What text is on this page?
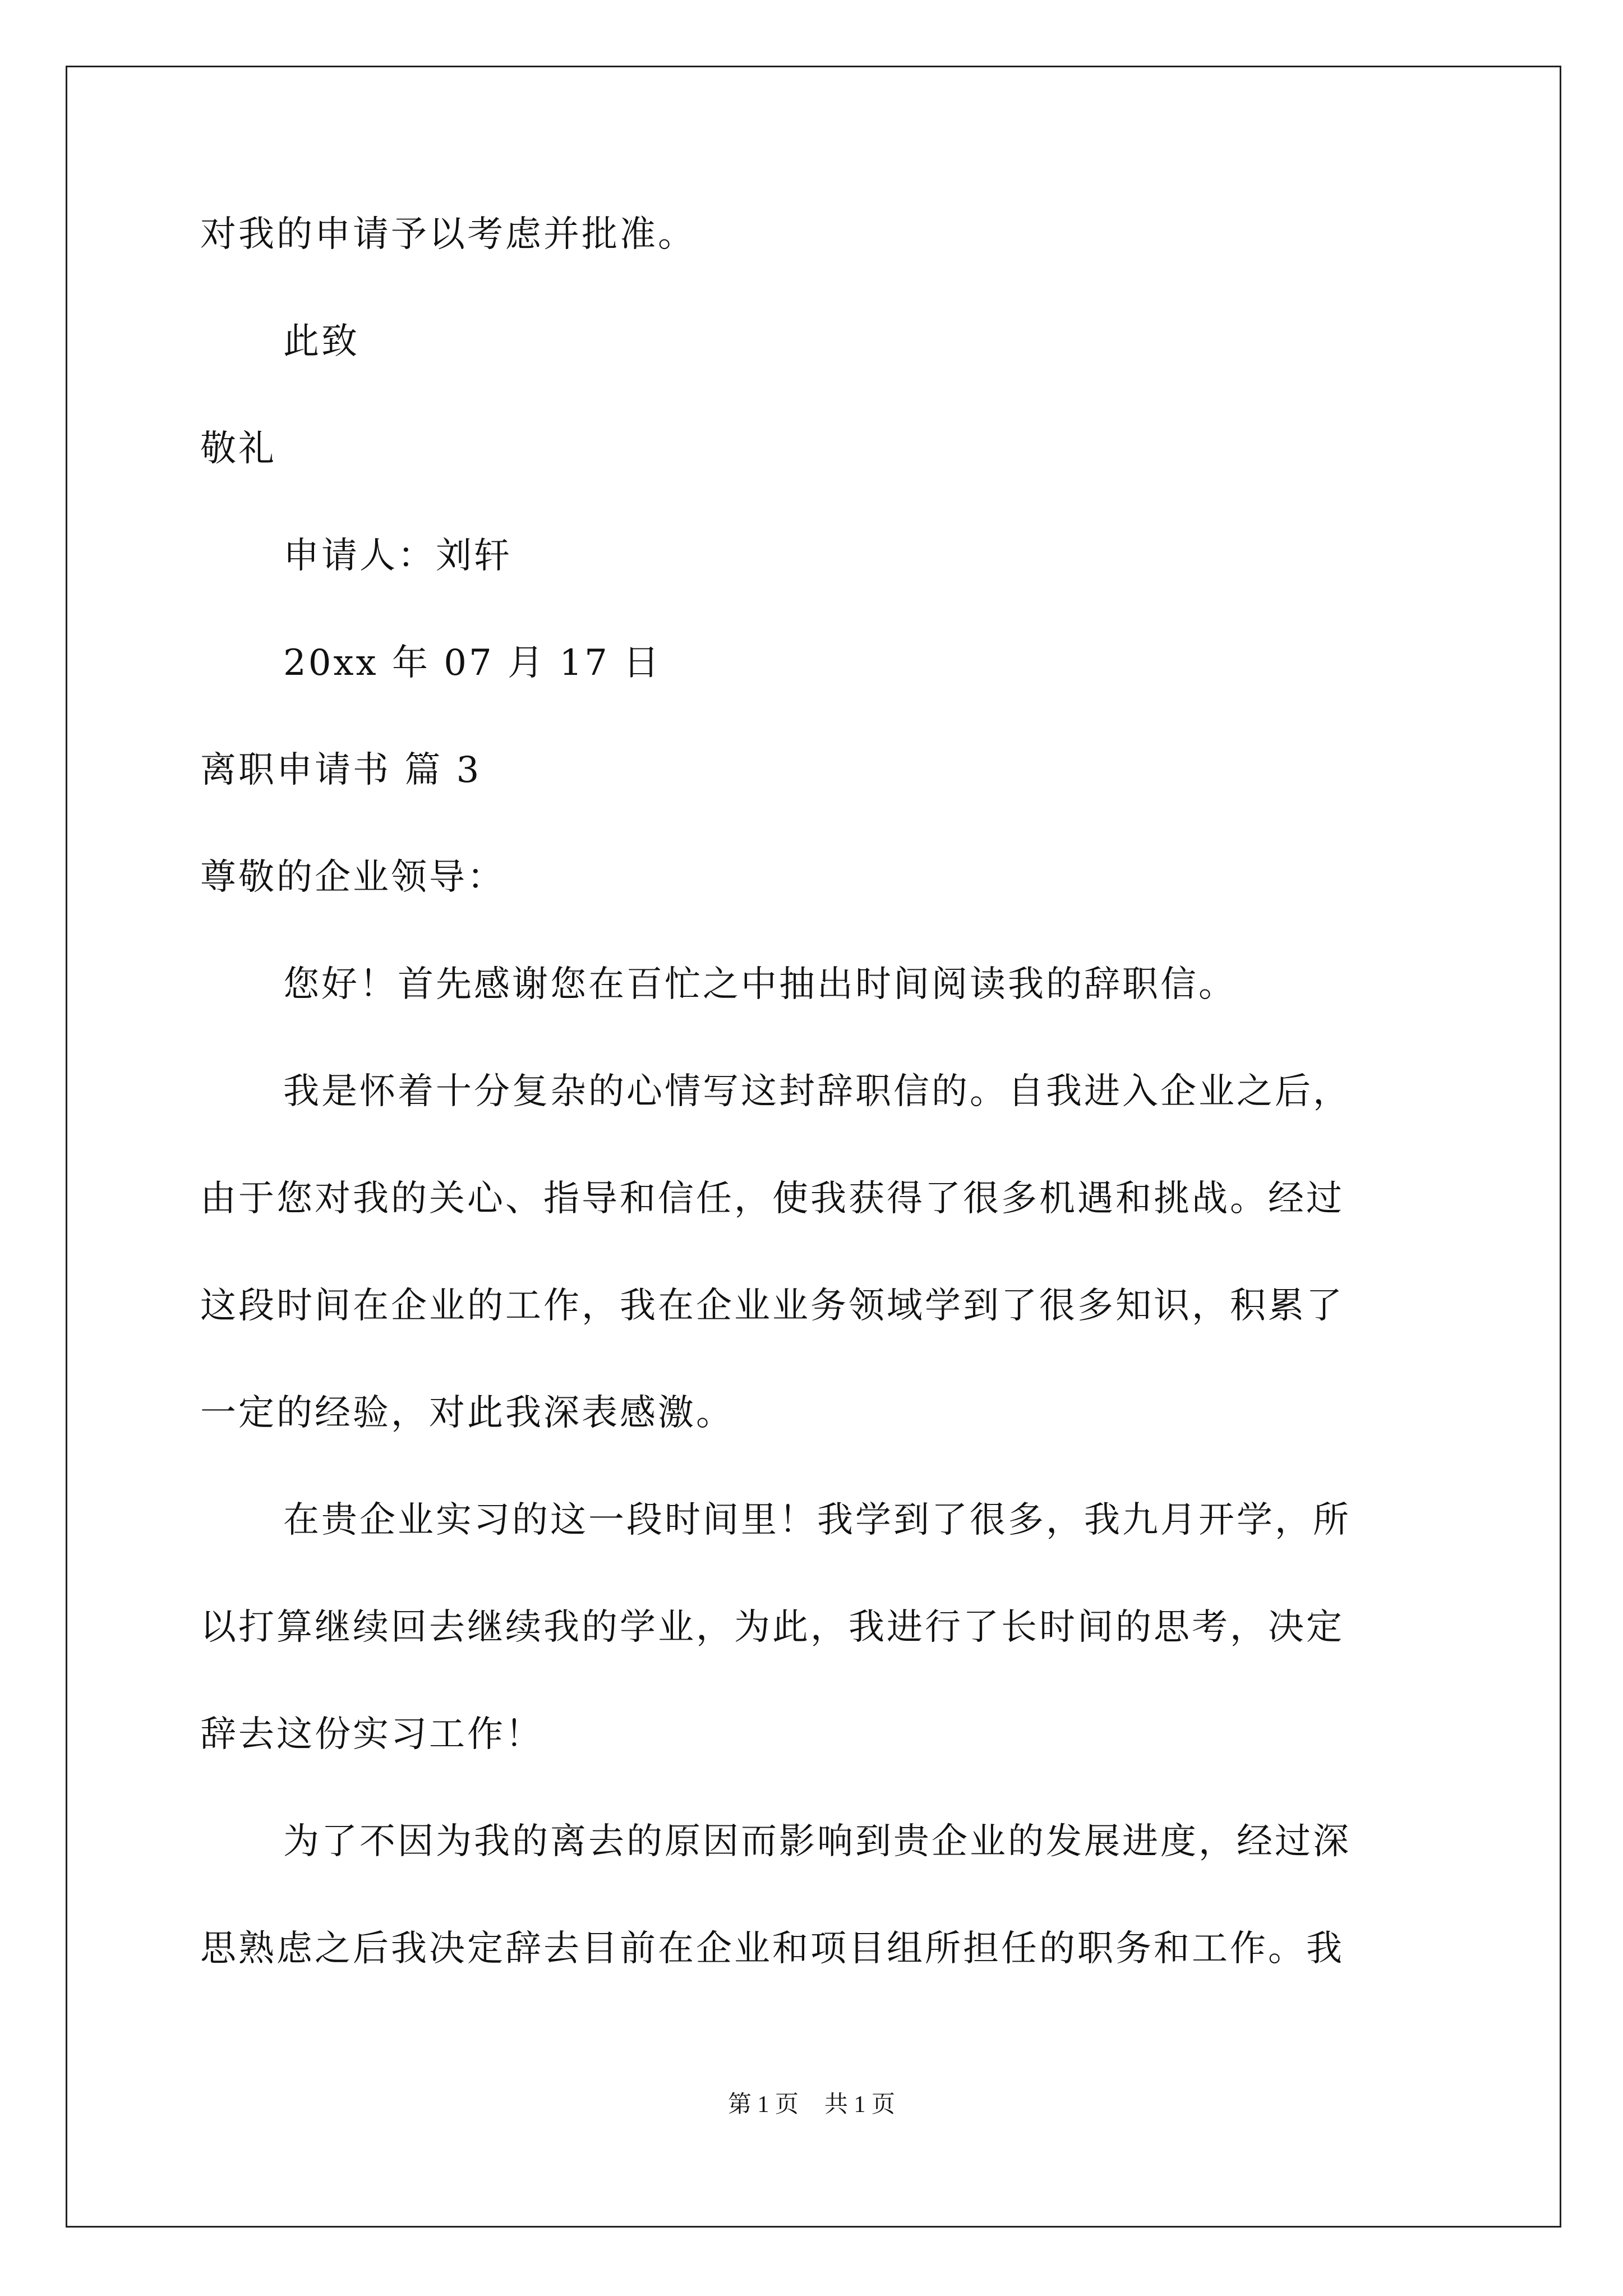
对我的申请予以考虑并批准。
此致
敬礼
申请人：刘轩
20xx 年 07 月 17 日
离职申请书 篇 3
尊敬的企业领导：
您好！首先感谢您在百忙之中抽出时间阅读我的辞职信。
我是怀着十分复杂的心情写这封辞职信的。自我进入企业之后，
由于您对我的关心、指导和信任，使我获得了很多机遇和挑战。经过
这段时间在企业的工作，我在企业业务领域学到了很多知识，积累了
一定的经验，对此我深表感激。
在贵企业实习的这一段时间里！我学到了很多，我九月开学，所
以打算继续回去继续我的学业，为此，我进行了长时间的思考，决定
辞去这份实习工作！
为了不因为我的离去的原因而影响到贵企业的发展进度，经过深
思熟虑之后我决定辞去目前在企业和项目组所担任的职务和工作。我
第 1 页 共 1 页
